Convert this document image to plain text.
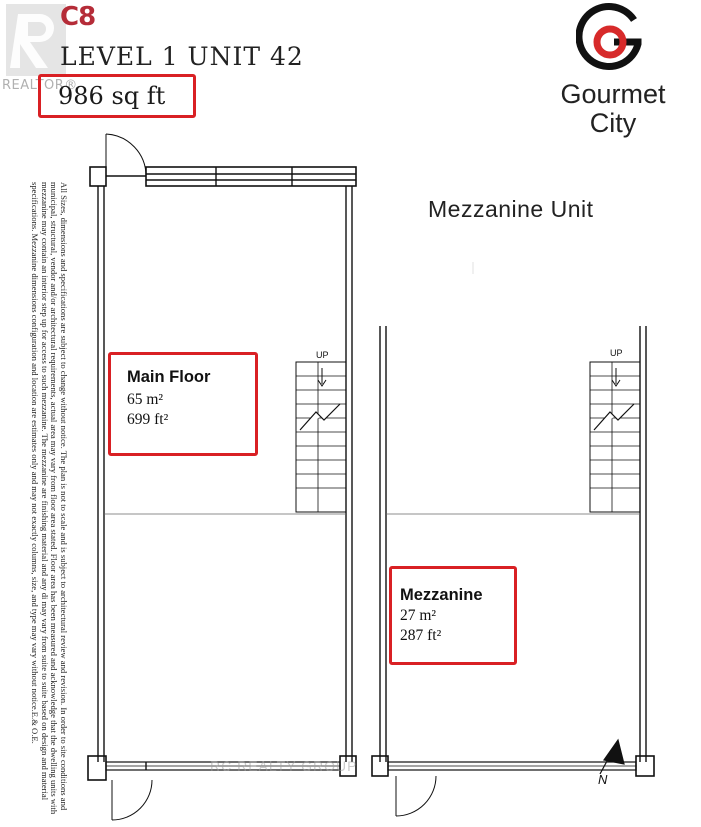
C8
REALTOR®
LEVEL 1 UNIT 42
986 sq ft	Gourmet
City
Mezzanine Unit
All Sizes, dimensions and specifications are subject to change without notice. The plan is not to scale and is subject to architectural review and revision. In order to site conditions and municipal, structural, vendor and/or architectural requirements, actual area may vary from floor area stated. Floor area has been measured and acknowledge that the dwelling units with mezzanine may contain an interior step up for access to such mezzanine. The mezzanine are finishing material and any di may vary from suite to suite based on design and material specifications. Mezzanine dimensions configuration and location are estimates only and may not exactly columns, size, and type may vary without notice.E.& O.E.	Main Floor
65 m²
699 ft²
Mezzanine
27 m²
287 ft²
UP	UP
RC REALTY GROUP
N
